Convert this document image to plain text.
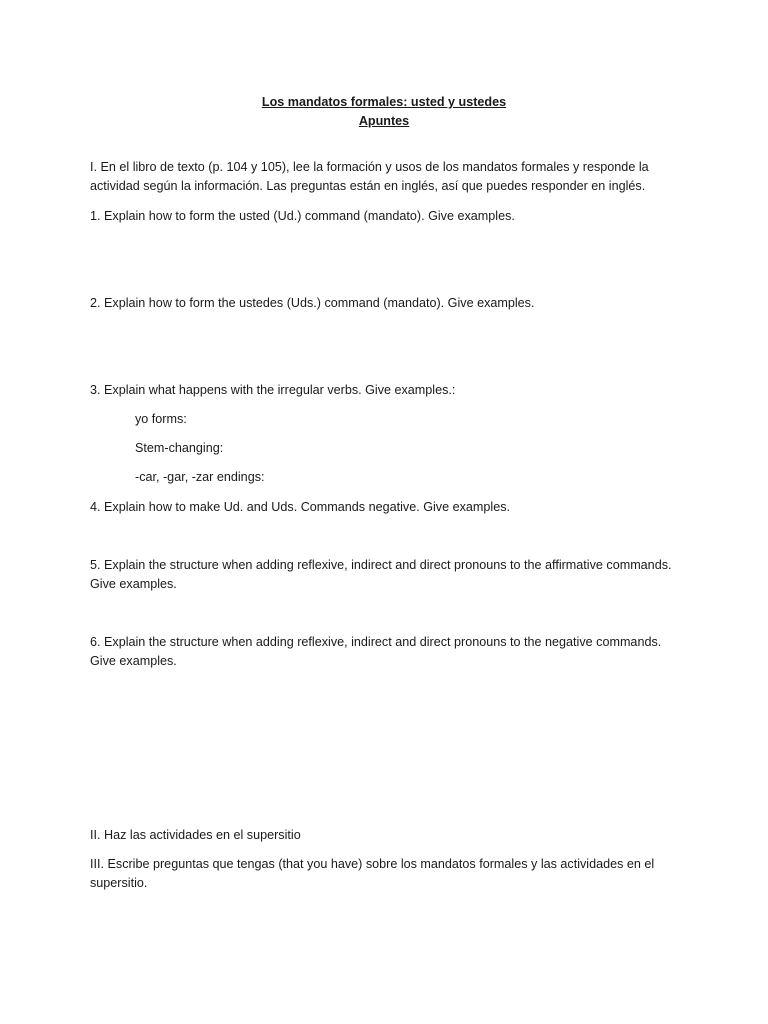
Los mandatos formales: usted y ustedes
Apuntes
I. En el libro de texto (p. 104 y 105), lee la formación y usos de los mandatos formales y responde la actividad según la información. Las preguntas están en inglés, así que puedes responder en inglés.
1. Explain how to form the usted (Ud.) command (mandato). Give examples.
2. Explain how to form the ustedes (Uds.) command (mandato). Give examples.
3. Explain what happens with the irregular verbs. Give examples.:
yo forms:
Stem-changing:
-car, -gar, -zar endings:
4. Explain how to make Ud. and Uds. Commands negative. Give examples.
5. Explain the structure when adding reflexive, indirect and direct pronouns to the affirmative commands. Give examples.
6. Explain the structure when adding reflexive, indirect and direct pronouns to the negative commands. Give examples.
II. Haz las actividades en el supersitio
III. Escribe preguntas que tengas (that you have) sobre los mandatos formales y las actividades en el supersitio.
